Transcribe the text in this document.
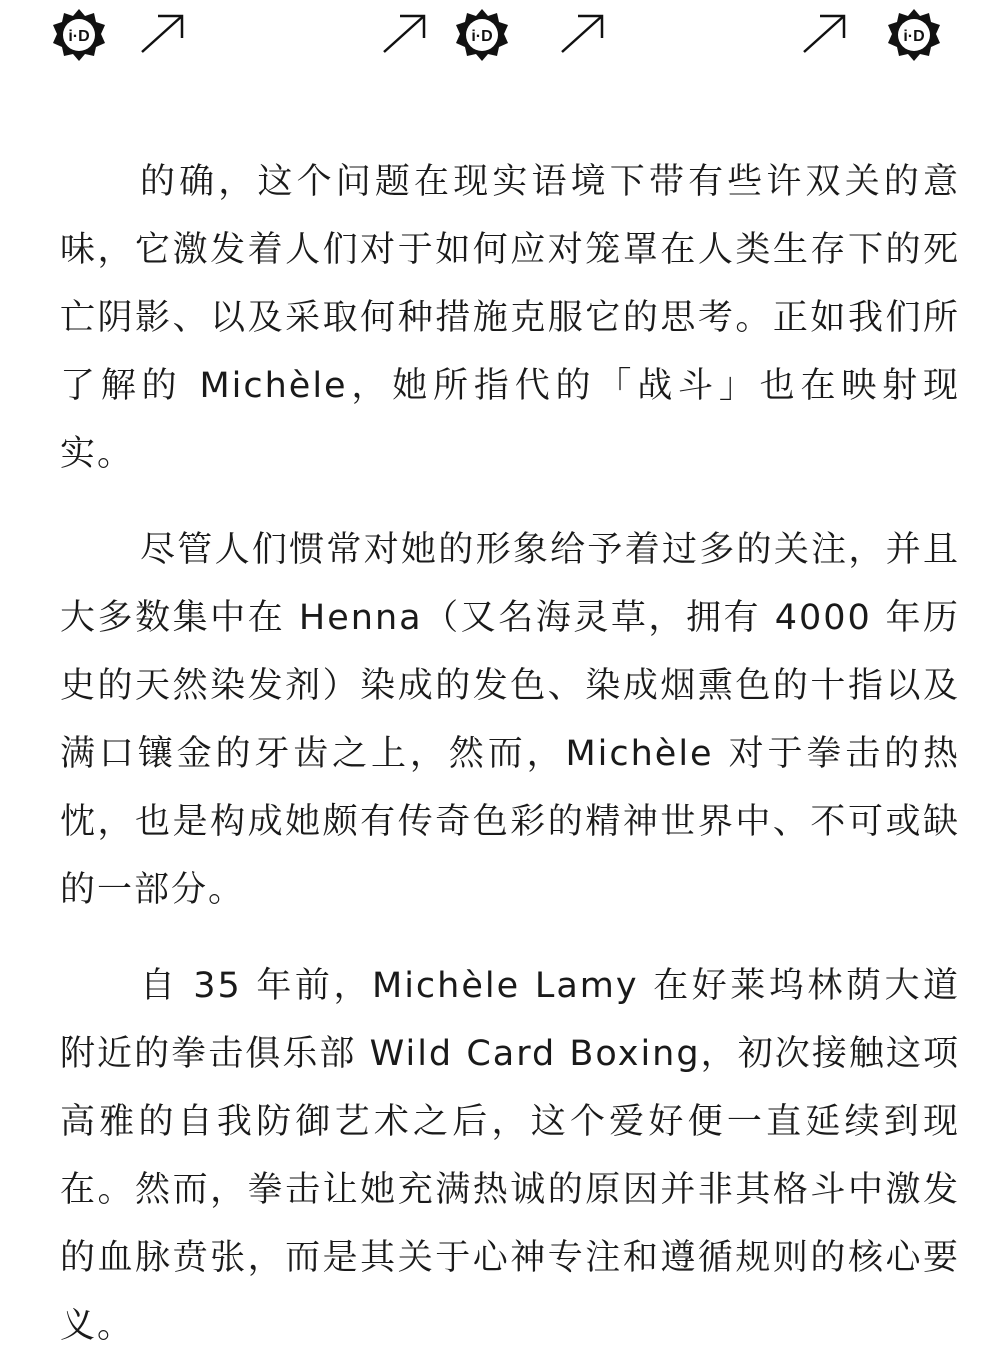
i·D	i·D	i·D

的确，这个问题在现实语境下带有些许双关的意味，它激发着人们对于如何应对笼罩在人类生存下的死亡阴影、以及采取何种措施克服它的思考。正如我们所了解的 Michèle，她所指代的「战斗」也在映射现实。

尽管人们惯常对她的形象给予着过多的关注，并且大多数集中在 Henna（又名海灵草，拥有 4000 年历史的天然染发剂）染成的发色、染成烟熏色的十指以及满口镶金的牙齿之上，然而，Michèle 对于拳击的热忱，也是构成她颇有传奇色彩的精神世界中、不可或缺的一部分。

自 35 年前，Michèle Lamy 在好莱坞林荫大道附近的拳击俱乐部 Wild Card Boxing，初次接触这项高雅的自我防御艺术之后，这个爱好便一直延续到现在。然而，拳击让她充满热诚的原因并非其格斗中激发的血脉贲张，而是其关于心神专注和遵循规则的核心要义。
